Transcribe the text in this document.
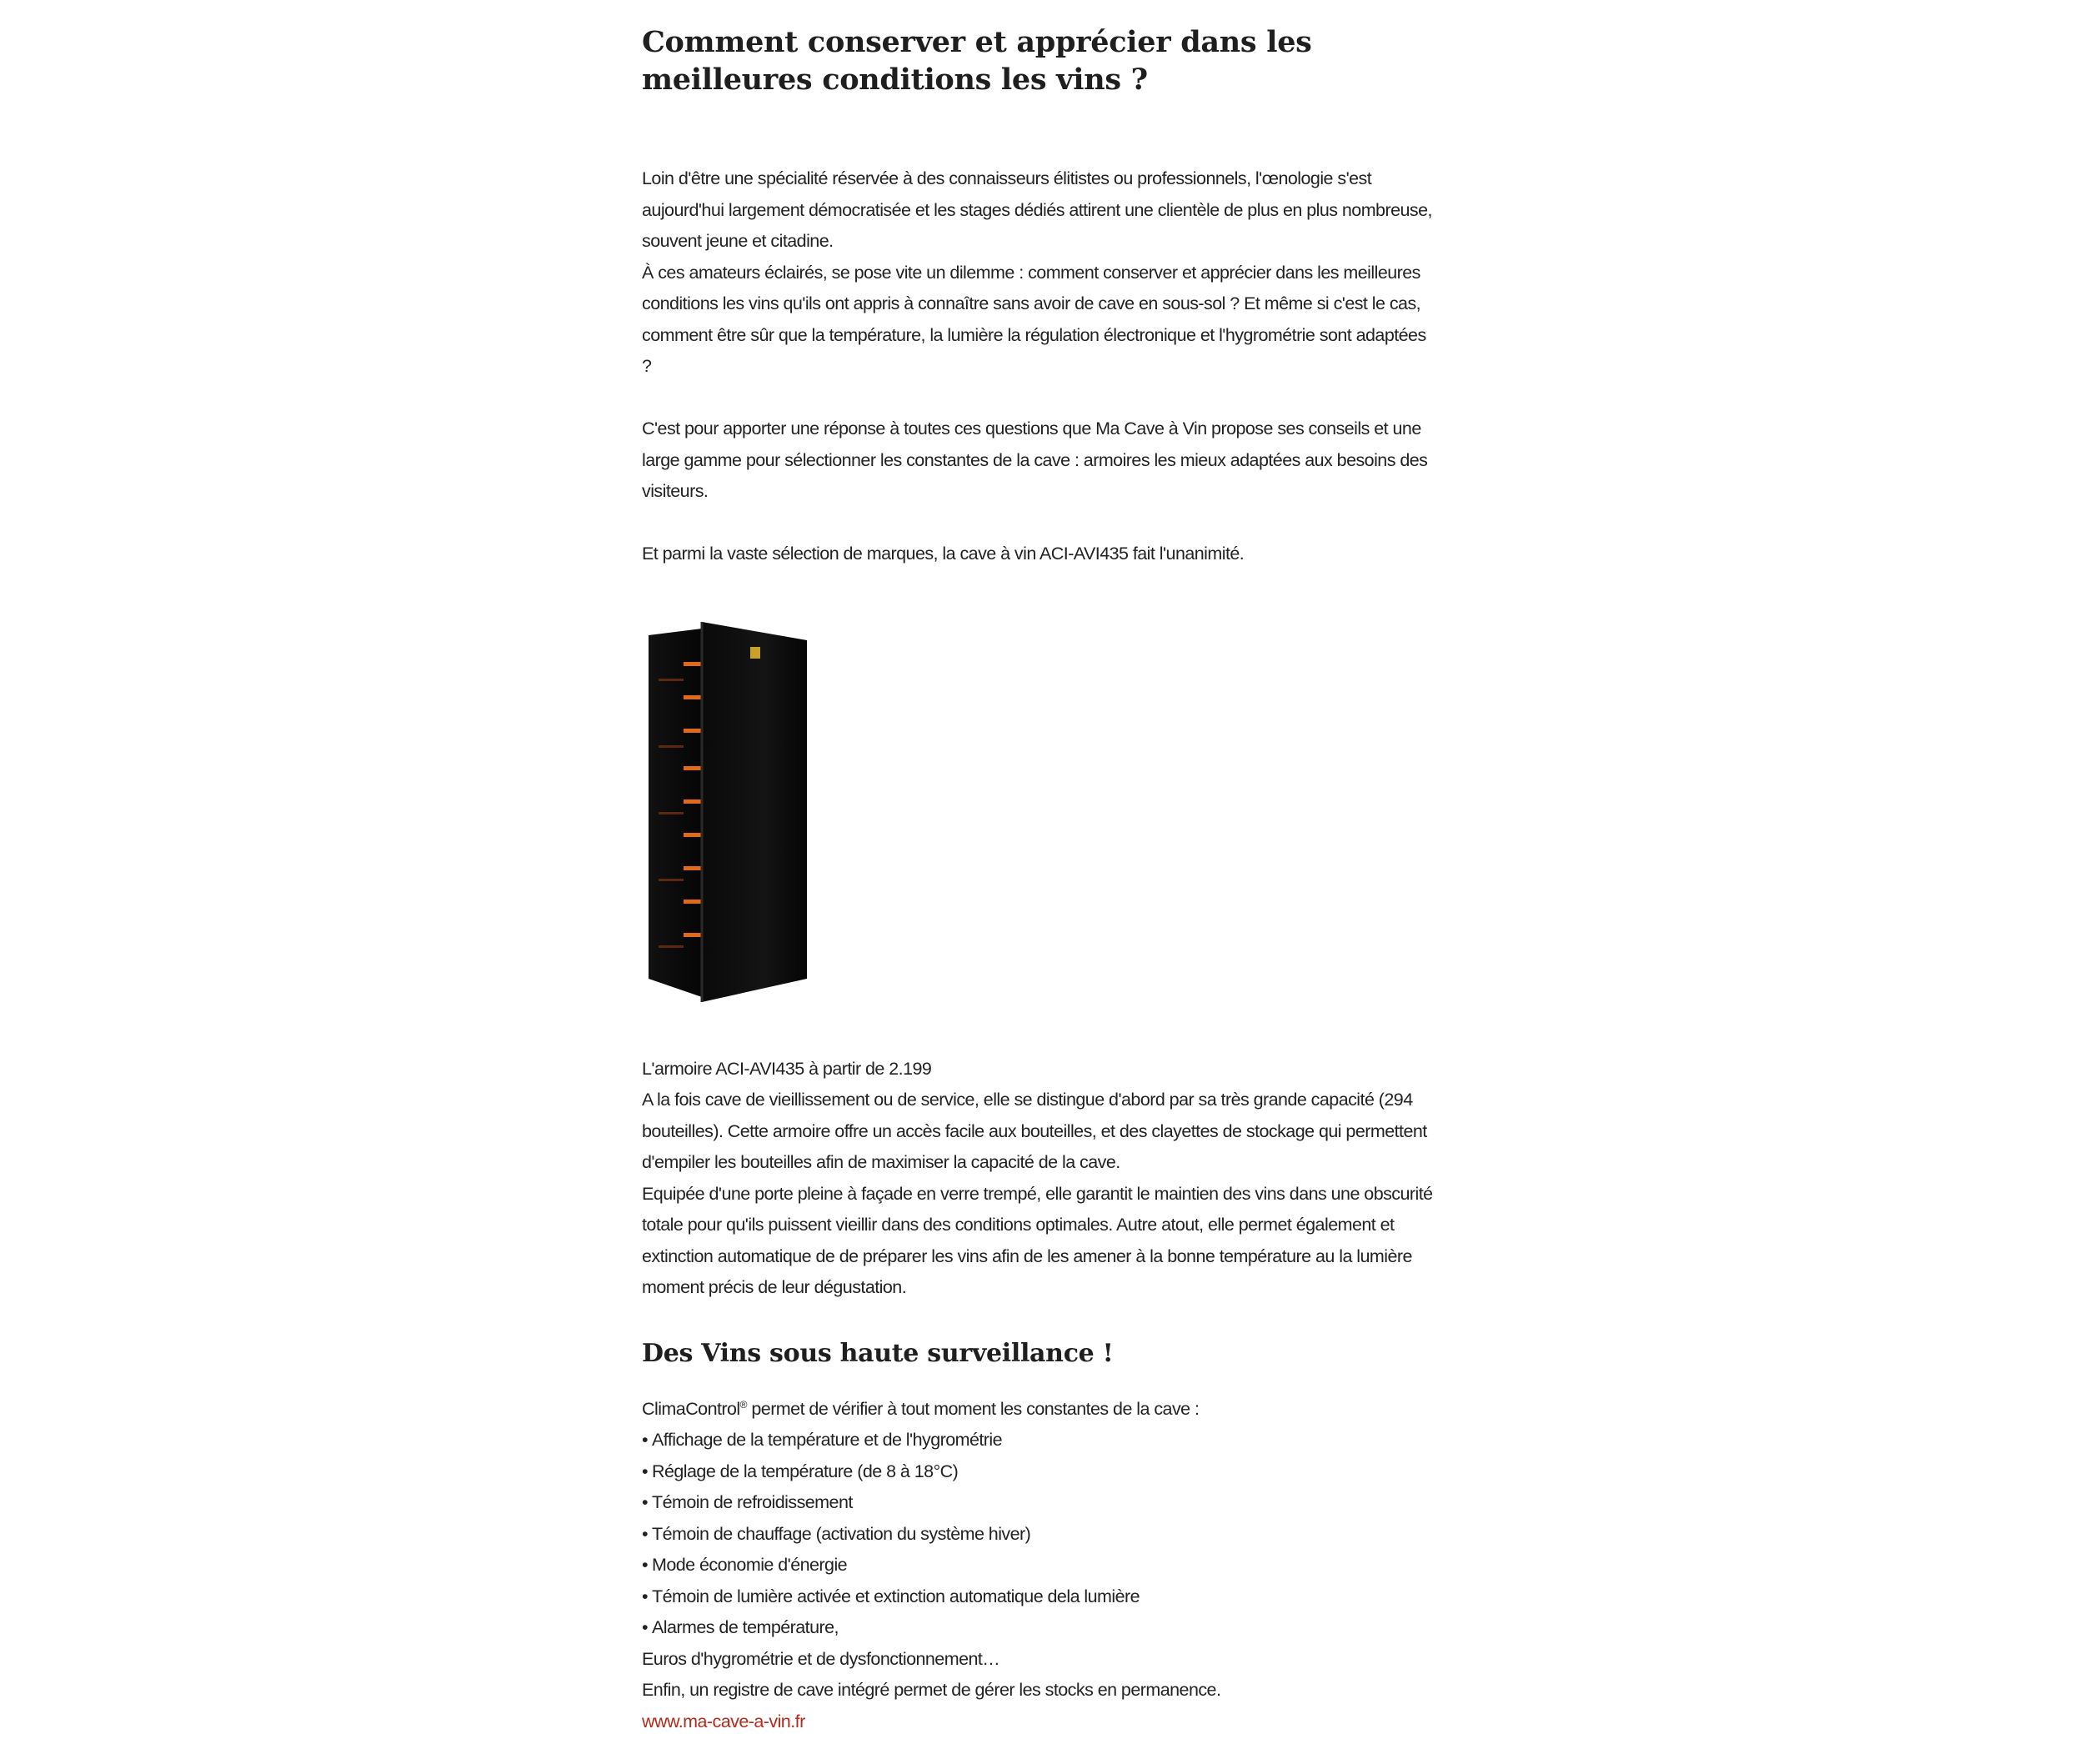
Comment conserver et apprécier dans les meilleures conditions les vins ?

Loin d'être une spécialité réservée à des connaisseurs élitistes ou professionnels, l'œnologie s'est aujourd'hui largement démocratisée et les stages dédiés attirent une clientèle de plus en plus nombreuse, souvent jeune et citadine.

À ces amateurs éclairés, se pose vite un dilemme : comment conserver et apprécier dans les meilleures conditions les vins qu'ils ont appris à connaître sans avoir de cave en sous-sol ? Et même si c'est le cas, comment être sûr que la température, la lumière la régulation électronique et l'hygrométrie sont adaptées ?

C'est pour apporter une réponse à toutes ces questions que Ma Cave à Vin propose ses conseils et une large gamme pour sélectionner les constantes de la cave : armoires les mieux adaptées aux besoins des visiteurs.

Et parmi la vaste sélection de marques, la cave à vin ACI-AVI435 fait l'unanimité.

L'armoire ACI-AVI435 à partir de 2.199

A la fois cave de vieillissement ou de service, elle se distingue d'abord par sa très grande capacité (294 bouteilles). Cette armoire offre un accès facile aux bouteilles, et des clayettes de stockage qui permettent d'empiler les bouteilles afin de maximiser la capacité de la cave.

Equipée d'une porte pleine à façade en verre trempé, elle garantit le maintien des vins dans une obscurité totale pour qu'ils puissent vieillir dans des conditions optimales. Autre atout, elle permet également et extinction automatique de de préparer les vins afin de les amener à la bonne température au la lumière moment précis de leur dégustation.

Des Vins sous haute surveillance !

ClimaControl® permet de vérifier à tout moment les constantes de la cave :

• Affichage de la température et de l'hygrométrie
• Réglage de la température (de 8 à 18°C)
• Témoin de refroidissement
• Témoin de chauffage (activation du système hiver)
• Mode économie d'énergie
• Témoin de lumière activée et extinction automatique dela lumière
• Alarmes de température,

Euros d'hygrométrie et de dysfonctionnement…

Enfin, un registre de cave intégré permet de gérer les stocks en permanence.

www.ma-cave-a-vin.fr
